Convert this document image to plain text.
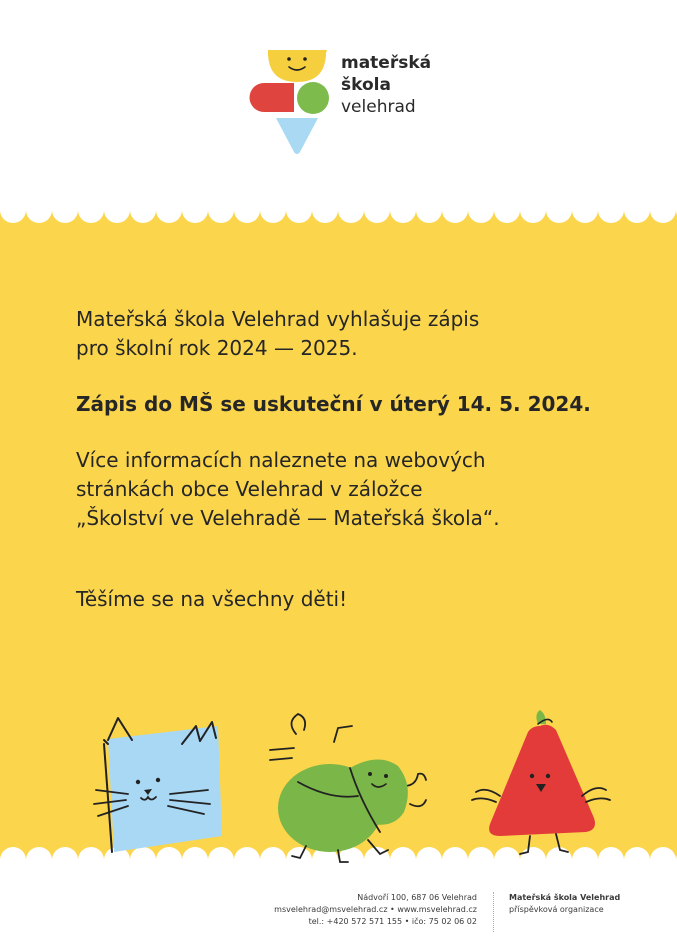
mateřská
škola
velehrad

Mateřská škola Velehrad vyhlašuje zápis

pro školní rok 2024 — 2025.

Zápis do MŠ se uskuteční v úterý 14. 5. 2024.

Více informacích naleznete na webových

stránkách obce Velehrad v záložce

„Školství ve Velehradě — Mateřská škola“.

Těšíme se na všechny děti!

Nádvoří 100, 687 06 Velehrad
msvelehrad@msvelehrad.cz • www.msvelehrad.cz
tel.: +420 572 571 155 • ičo: 75 02 06 02
Mateřská škola Velehrad
příspěvková organizace
